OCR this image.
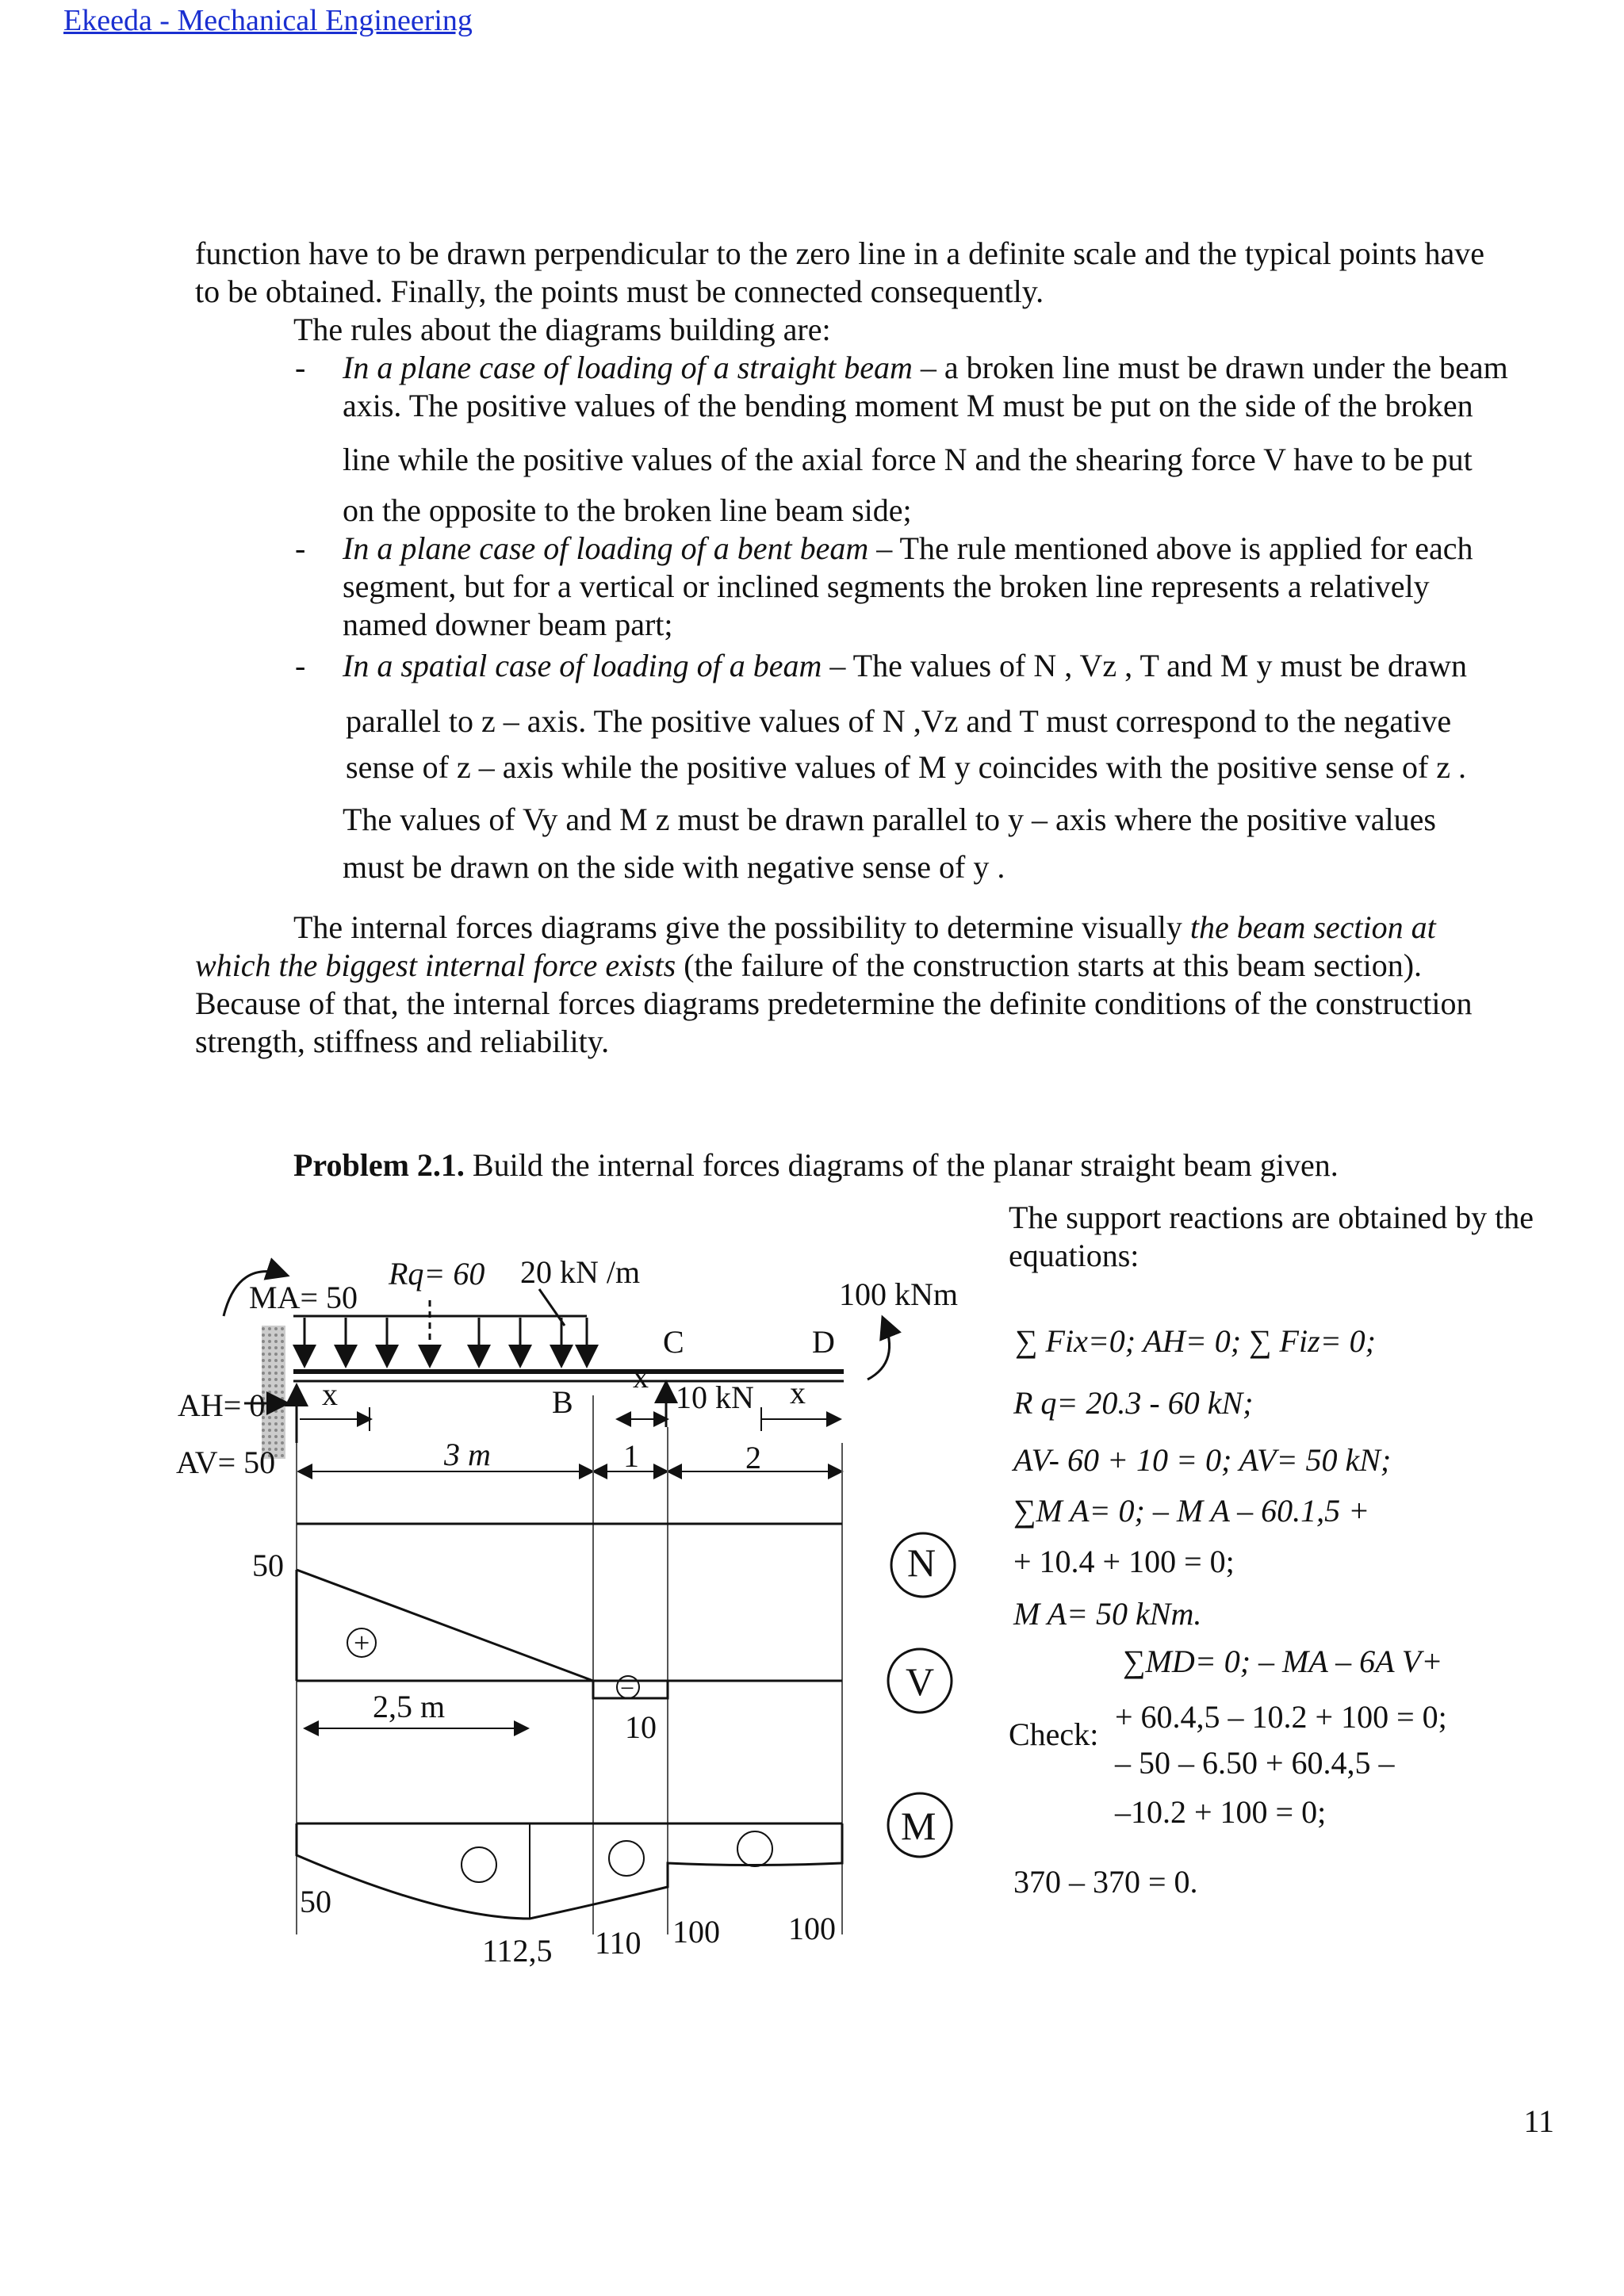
Ekeeda - Mechanical Engineering
function have to be drawn perpendicular to the zero line in a definite scale and the typical points have
to be obtained. Finally, the points must be connected consequently.
The rules about the diagrams building are:
- In a plane case of loading of a straight beam – a broken line must be drawn under the beam
axis. The positive values of the bending moment M must be put on the side of the broken
line while the positive values of the axial force N and the shearing force V have to be put
on the opposite to the broken line beam side;
- In a plane case of loading of a bent beam – The rule mentioned above is applied for each
segment, but for a vertical or inclined segments the broken line represents a relatively
named downer beam part;
- In a spatial case of loading of a beam – The values of N , Vz , T and M y must be drawn
parallel to z – axis. The positive values of N ,Vz and T must correspond to the negative
sense of z – axis while the positive values of M y coincides with the positive sense of z .
The values of Vy and M z must be drawn parallel to y – axis where the positive values
must be drawn on the side with negative sense of y .
The internal forces diagrams give the possibility to determine visually the beam section at
which the biggest internal force exists (the failure of the construction starts at this beam section).
Because of that, the internal forces diagrams predetermine the definite conditions of the construction
strength, stiffness and reliability.
Problem 2.1. Build the internal forces diagrams of the planar straight beam given.
The support reactions are obtained by the
equations:
∑ Fix=0; AH= 0; ∑ Fiz= 0;
R q= 20.3 - 60 kN;
AV- 60 + 10 = 0; AV= 50 kN;
∑M A= 0; – M A – 60.1,5 +
+ 10.4 + 100 = 0;
M A= 50 kNm.
∑MD= 0; – MA – 6A V+
Check: + 60.4,5 – 10.2 + 100 = 0;
– 50 – 6.50 + 60.4,5 –
–10.2 + 100 = 0;
370 – 370 = 0.
MA= 50
Rq= 60 20 kN /m
100 kNm
C	D
B
x	x	x
10 kN
AH= 0
AV= 50	3 m	1	2
N
V
M
50
2,5 m
10
+
−
50
112,5 110 100 100
11
